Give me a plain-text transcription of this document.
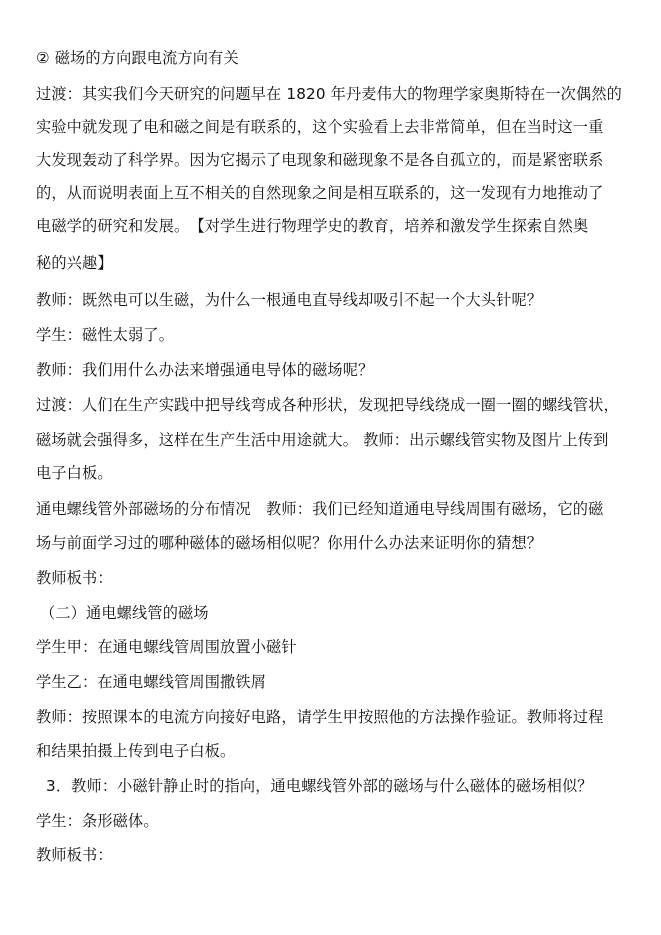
② 磁场的方向跟电流方向有关
过渡：其实我们今天研究的问题早在 1820 年丹麦伟大的物理学家奥斯特在一次偶然的
实验中就发现了电和磁之间是有联系的，这个实验看上去非常简单，但在当时这一重
大发现轰动了科学界。因为它揭示了电现象和磁现象不是各自孤立的，而是紧密联系
的，从而说明表面上互不相关的自然现象之间是相互联系的，这一发现有力地推动了
电磁学的研究和发展。　【对学生进行物理学史的教育，培养和激发学生探索自然奥
秘的兴趣】
教师：既然电可以生磁，为什么一根通电直导线却吸引不起一个大头针呢？
学生：磁性太弱了。
教师：我们用什么办法来增强通电导体的磁场呢？
过渡：人们在生产实践中把导线弯成各种形状，发现把导线绕成一圈一圈的螺线管状，
磁场就会强得多，这样在生产生活中用途就大。 教师：出示螺线管实物及图片上传到
电子白板。
通电螺线管外部磁场的分布情况　教师：我们已经知道通电导线周围有磁场，它的磁
场与前面学习过的哪种磁体的磁场相似呢？你用什么办法来证明你的猜想？
教师板书：
（二）通电螺线管的磁场
学生甲：在通电螺线管周围放置小磁针
学生乙：在通电螺线管周围撒铁屑
教师：按照课本的电流方向接好电路，请学生甲按照他的方法操作验证。教师将过程
和结果拍摄上传到电子白板。
3．教师：小磁针静止时的指向，通电螺线管外部的磁场与什么磁体的磁场相似？
学生：条形磁体。
教师板书：
